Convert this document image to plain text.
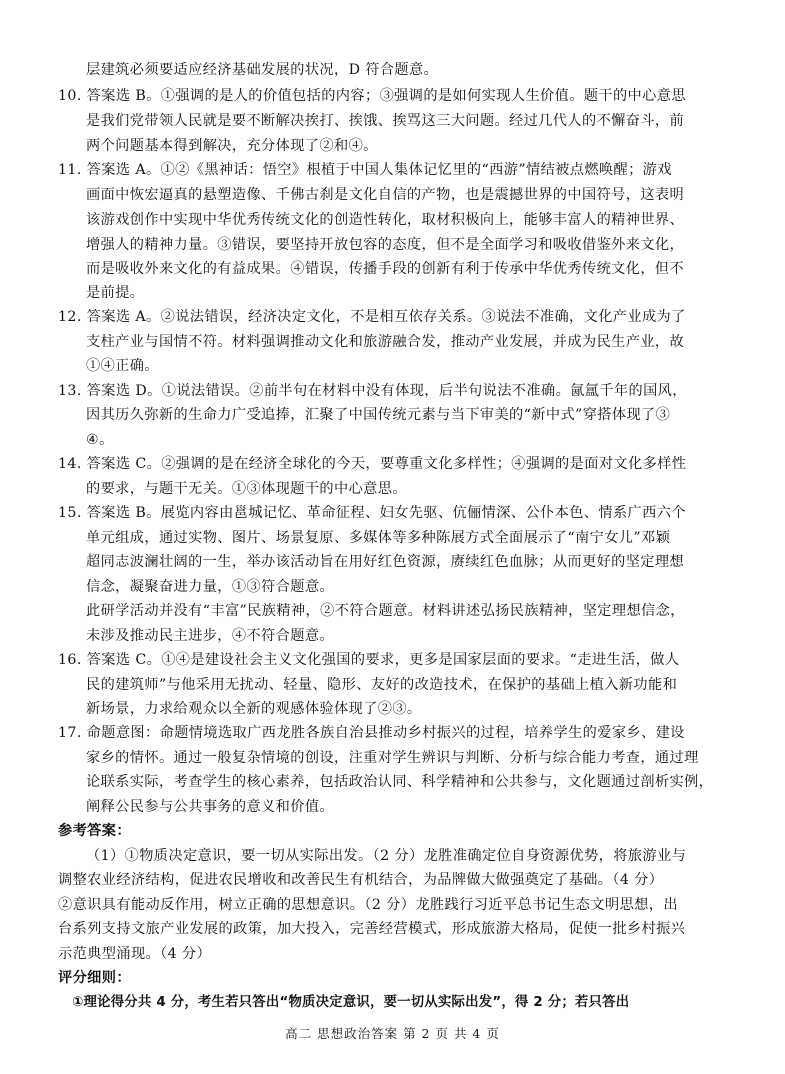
层建筑必须要适应经济基础发展的状况，D 符合题意。
10. 答案选 B。①强调的是人的价值包括的内容；③强调的是如何实现人生价值。题干的中心意思
是我们党带领人民就是要不断解决挨打、挨饿、挨骂这三大问题。经过几代人的不懈奋斗，前
两个问题基本得到解决，充分体现了②和④。
11. 答案选 A。①②《黑神话：悟空》根植于中国人集体记忆里的“西游”情结被点燃唤醒；游戏
画面中恢宏逼真的悬塑造像、千佛古刹是文化自信的产物，也是震撼世界的中国符号，这表明
该游戏创作中实现中华优秀传统文化的创造性转化，取材积极向上，能够丰富人的精神世界、
增强人的精神力量。③错误，要坚持开放包容的态度，但不是全面学习和吸收借鉴外来文化，
而是吸收外来文化的有益成果。④错误，传播手段的创新有利于传承中华优秀传统文化，但不
是前提。
12. 答案选 A。②说法错误，经济决定文化，不是相互依存关系。③说法不准确，文化产业成为了
支柱产业与国情不符。材料强调推动文化和旅游融合发，推动产业发展，并成为民生产业，故
①④正确。
13. 答案选 D。①说法错误。②前半句在材料中没有体现，后半句说法不准确。氤氲千年的国风，
因其历久弥新的生命力广受追捧，汇聚了中国传统元素与当下审美的“新中式”穿搭体现了③
④。
14. 答案选 C。②强调的是在经济全球化的今天，要尊重文化多样性；④强调的是面对文化多样性
的要求，与题干无关。①③体现题干的中心意思。
15. 答案选 B。展览内容由邕城记忆、革命征程、妇女先驱、伉俪情深、公仆本色、情系广西六个
单元组成，通过实物、图片、场景复原、多媒体等多种陈展方式全面展示了“南宁女儿”邓颖
超同志波澜壮阔的一生，举办该活动旨在用好红色资源，赓续红色血脉；从而更好的坚定理想
信念，凝聚奋进力量，①③符合题意。
此研学活动并没有“丰富”民族精神，②不符合题意。材料讲述弘扬民族精神，坚定理想信念，
未涉及推动民主进步，④不符合题意。
16. 答案选 C。①④是建设社会主义文化强国的要求，更多是国家层面的要求。“走进生活，做人
民的建筑师”与他采用无扰动、轻量、隐形、友好的改造技术，在保护的基础上植入新功能和
新场景，力求给观众以全新的观感体验体现了②③。
17. 命题意图：命题情境选取广西龙胜各族自治县推动乡村振兴的过程，培养学生的爱家乡、建设
家乡的情怀。通过一般复杂情境的创设，注重对学生辨识与判断、分析与综合能力考查，通过理
论联系实际，考查学生的核心素养，包括政治认同、科学精神和公共参与，文化题通过剖析实例，
阐释公民参与公共事务的意义和价值。
参考答案：
（1）①物质决定意识，要一切从实际出发。（2 分）龙胜准确定位自身资源优势，将旅游业与
调整农业经济结构，促进农民增收和改善民生有机结合，为品牌做大做强奠定了基础。（4 分）
②意识具有能动反作用，树立正确的思想意识。（2 分）龙胜践行习近平总书记生态文明思想，出
台系列支持文旅产业发展的政策，加大投入，完善经营模式，形成旅游大格局，促使一批乡村振兴
示范典型涌现。（4 分）
评分细则：
①理论得分共 4 分，考生若只答出“物质决定意识，要一切从实际出发”，得 2 分；若只答出
高二 思想政治答案 第 2 页 共 4 页
